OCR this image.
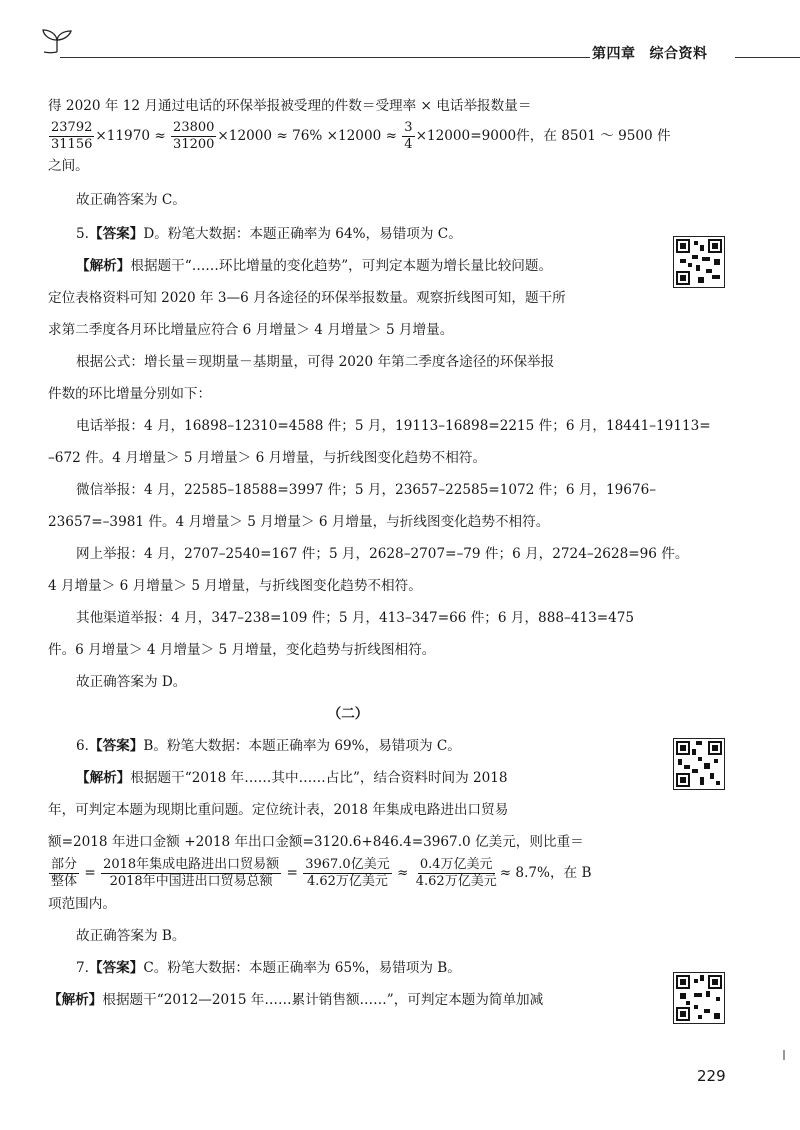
第四章 综合资料

得 2020 年 12 月通过电话的环保举报被受理的件数＝受理率 × 电话举报数量＝

$\frac{23792}{31156} \times 11970 \approx \frac{23800}{31200} \times 12000 \approx 76\% \times 12000 \approx \frac{3}{4} \times 12000=9000$件，在 8501 ～ 9500 件

之间。

故正确答案为 C。

5.【答案】D。粉笔大数据：本题正确率为 64%，易错项为 C。

【解析】根据题干“……环比增量的变化趋势”，可判定本题为增长量比较问题。

定位表格资料可知 2020 年 3—6 月各途径的环保举报数量。观察折线图可知，题干所

求第二季度各月环比增量应符合 6 月增量＞ 4 月增量＞ 5 月增量。

根据公式：增长量＝现期量－基期量，可得 2020 年第二季度各途径的环保举报

件数的环比增量分别如下：

电话举报：4 月，16898–12310=4588 件；5 月，19113–16898=2215 件；6 月，18441–19113=

–672 件。4 月增量＞ 5 月增量＞ 6 月增量，与折线图变化趋势不相符。

微信举报：4 月，22585–18588=3997 件；5 月，23657–22585=1072 件；6 月，19676–

23657=–3981 件。4 月增量＞ 5 月增量＞ 6 月增量，与折线图变化趋势不相符。

网上举报：4 月，2707–2540=167 件；5 月，2628–2707=–79 件；6 月，2724–2628=96 件。

4 月增量＞ 6 月增量＞ 5 月增量，与折线图变化趋势不相符。

其他渠道举报：4 月，347–238=109 件；5 月，413–347=66 件；6 月，888–413=475

件。6 月增量＞ 4 月增量＞ 5 月增量，变化趋势与折线图相符。

故正确答案为 D。

（二）

6.【答案】B。粉笔大数据：本题正确率为 69%，易错项为 C。

【解析】根据题干“2018 年……其中……占比”，结合资料时间为 2018

年，可判定本题为现期比重问题。定位统计表，2018 年集成电路进出口贸易

额=2018 年进口金额 +2018 年出口金额=3120.6+846.4=3967.0 亿美元，则比重＝

$\frac{\text{部分}}{\text{整体}} = \frac{\text{2018年集成电路进出口贸易额}}{\text{2018年中国进出口贸易总额}} = \frac{\text{3967.0亿美元}}{\text{4.62万亿美元}} \approx \frac{\text{0.4万亿美元}}{\text{4.62万亿美元}} \approx 8.7\%$，在 B

项范围内。

故正确答案为 B。

7.【答案】C。粉笔大数据：本题正确率为 65%，易错项为 B。

【解析】根据题干“2012—2015 年……累计销售额……”，可判定本题为简单加减

229
